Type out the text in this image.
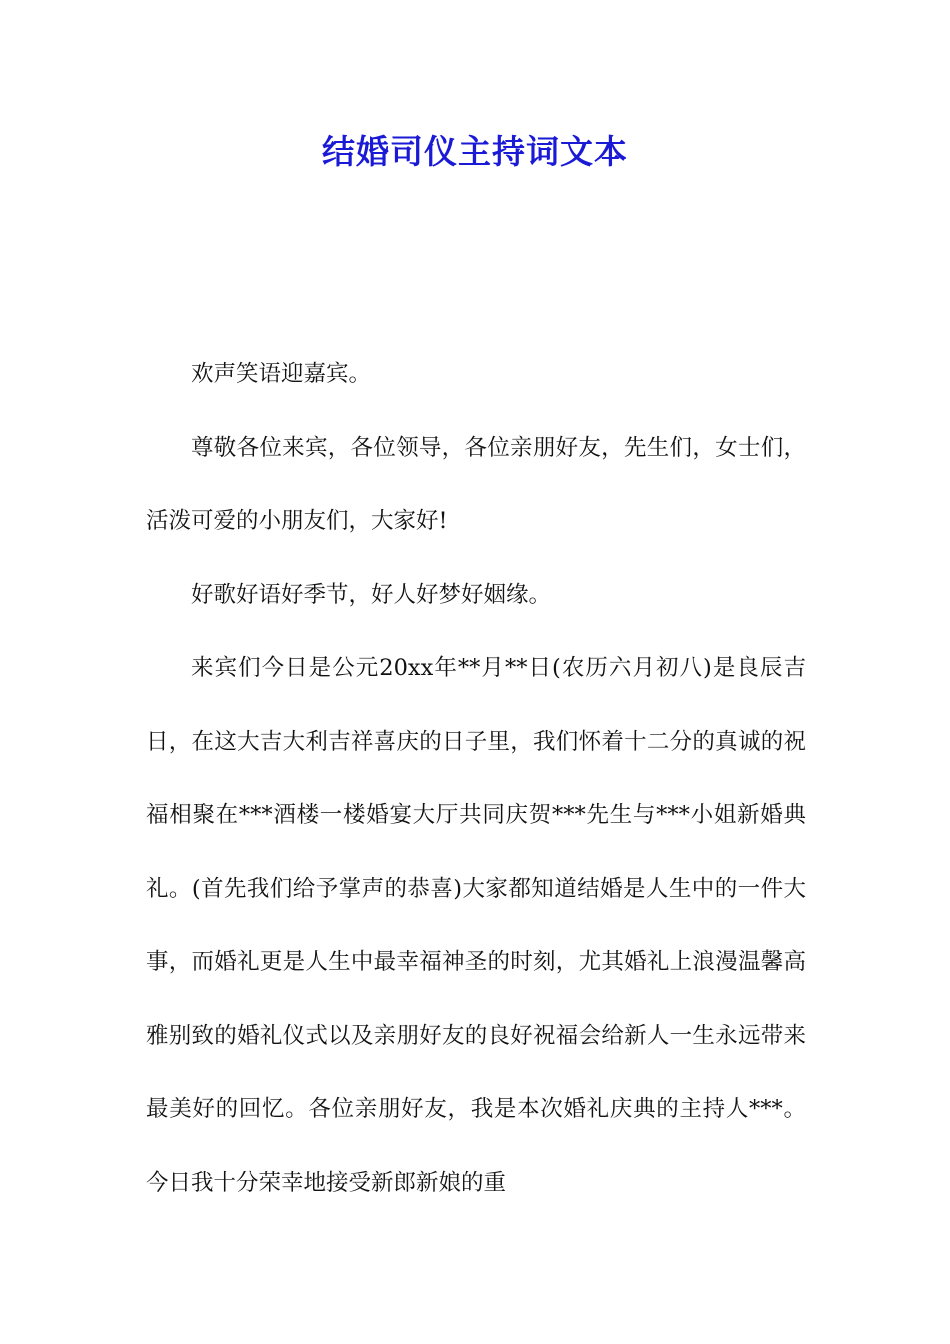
结婚司仪主持词文本

欢声笑语迎嘉宾。

尊敬各位来宾，各位领导，各位亲朋好友，先生们，女士们，活泼可爱的小朋友们，大家好!

好歌好语好季节，好人好梦好姻缘。

来宾们今日是公元20xx年**月**日(农历六月初八)是良辰吉日，在这大吉大利吉祥喜庆的日子里，我们怀着十二分的真诚的祝福相聚在***酒楼一楼婚宴大厅共同庆贺***先生与***小姐新婚典礼。(首先我们给予掌声的恭喜)大家都知道结婚是人生中的一件大事，而婚礼更是人生中最幸福神圣的时刻，尤其婚礼上浪漫温馨高雅别致的婚礼仪式以及亲朋好友的良好祝福会给新人一生永远带来最美好的回忆。各位亲朋好友，我是本次婚礼庆典的主持人***。今日我十分荣幸地接受新郎新娘的重
